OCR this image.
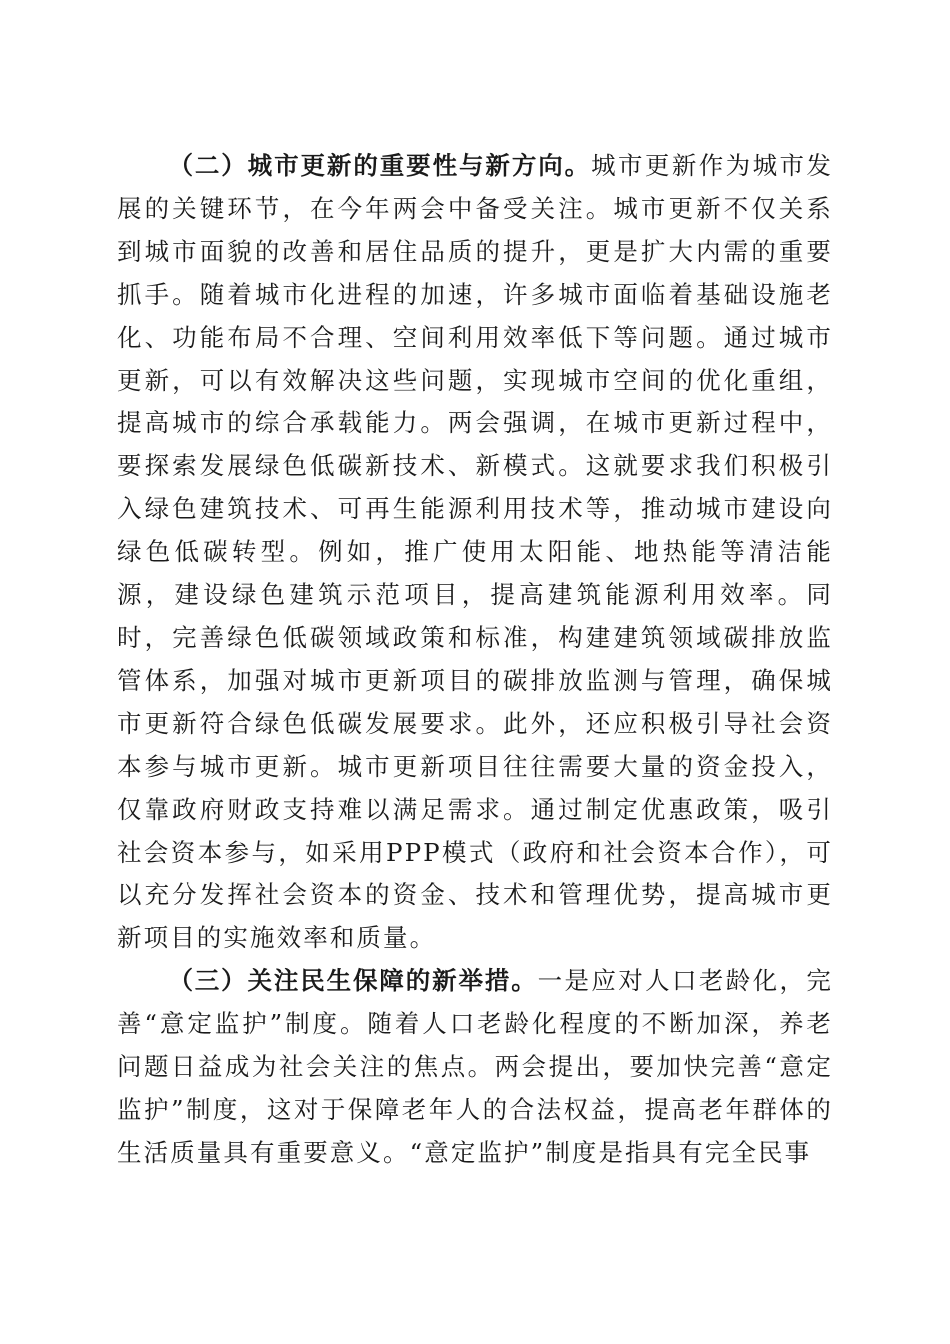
（二）城市更新的重要性与新方向。城市更新作为城市发展的关键环节，在今年两会中备受关注。城市更新不仅关系到城市面貌的改善和居住品质的提升，更是扩大内需的重要抓手。随着城市化进程的加速，许多城市面临着基础设施老化、功能布局不合理、空间利用效率低下等问题。通过城市更新，可以有效解决这些问题，实现城市空间的优化重组，提高城市的综合承载能力。两会强调，在城市更新过程中，要探索发展绿色低碳新技术、新模式。这就要求我们积极引入绿色建筑技术、可再生能源利用技术等，推动城市建设向绿色低碳转型。例如，推广使用太阳能、地热能等清洁能源，建设绿色建筑示范项目，提高建筑能源利用效率。同时，完善绿色低碳领域政策和标准，构建建筑领域碳排放监管体系，加强对城市更新项目的碳排放监测与管理，确保城市更新符合绿色低碳发展要求。此外，还应积极引导社会资本参与城市更新。城市更新项目往往需要大量的资金投入，仅靠政府财政支持难以满足需求。通过制定优惠政策，吸引社会资本参与，如采用PPP模式（政府和社会资本合作），可以充分发挥社会资本的资金、技术和管理优势，提高城市更新项目的实施效率和质量。

（三）关注民生保障的新举措。一是应对人口老龄化，完善“意定监护”制度。随着人口老龄化程度的不断加深，养老问题日益成为社会关注的焦点。两会提出，要加快完善“意定监护”制度，这对于保障老年人的合法权益，提高老年群体的生活质量具有重要意义。“意定监护”制度是指具有完全民事
